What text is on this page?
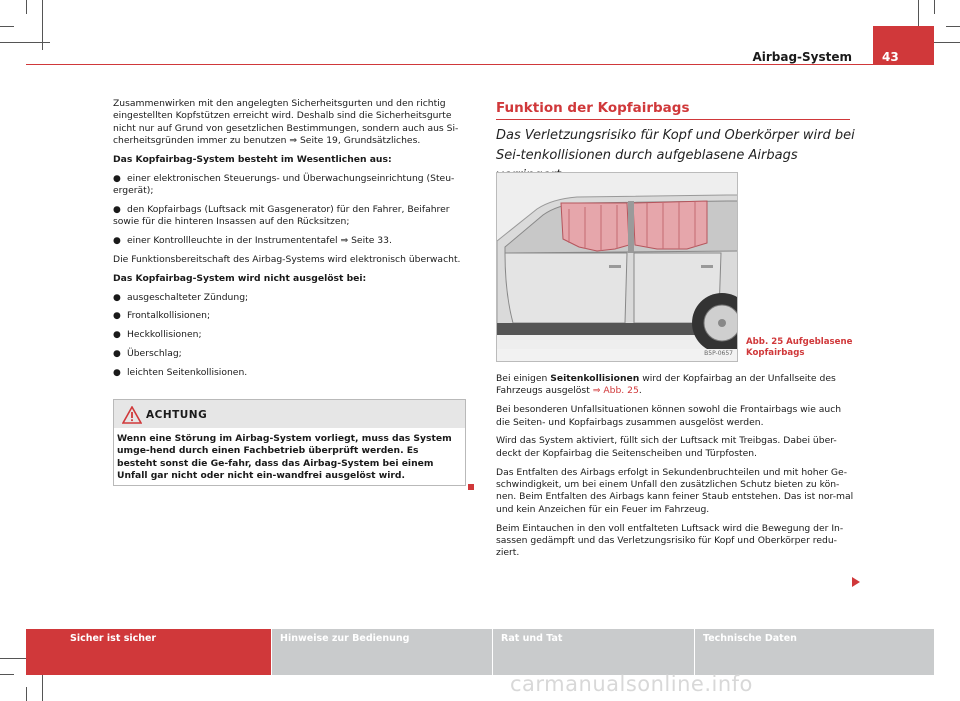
Airbag-System	43

Zusammenwirken mit den angelegten Sicherheitsgurten und den richtig eingestellten Kopfstützen erreicht wird. Deshalb sind die Sicherheitsgurte nicht nur auf Grund von gesetzlichen Bestimmungen, sondern auch aus Si-cherheitsgründen immer zu benutzen ⇒ Seite 19, Grundsätzliches.

Das Kopfairbag-System besteht im Wesentlichen aus:

● einer elektronischen Steuerungs- und Überwachungseinrichtung (Steu-ergerät);

● den Kopfairbags (Luftsack mit Gasgenerator) für den Fahrer, Beifahrer sowie für die hinteren Insassen auf den Rücksitzen;

● einer Kontrollleuchte in der Instrumententafel ⇒ Seite 33.

Die Funktionsbereitschaft des Airbag-Systems wird elektronisch überwacht.

Das Kopfairbag-System wird nicht ausgelöst bei:

● ausgeschalteter Zündung;

● Frontalkollisionen;

● Heckkollisionen;

● Überschlag;

● leichten Seitenkollisionen.

ACHTUNG
Wenn eine Störung im Airbag-System vorliegt, muss das System umge-hend durch einen Fachbetrieb überprüft werden. Es besteht sonst die Ge-fahr, dass das Airbag-System bei einem Unfall gar nicht oder nicht ein-wandfrei ausgelöst wird.
Funktion der Kopfairbags
Das Verletzungsrisiko für Kopf und Oberkörper wird bei Sei-tenkollisionen durch aufgeblasene Airbags
B5P-0657
Abb. 25 Aufgeblasene Kopfairbags

Bei einigen Seitenkollisionen wird der Kopfairbag an der Unfallseite des Fahrzeugs ausgelöst ⇒ Abb. 25.

Bei besonderen Unfallsituationen können sowohl die Frontairbags wie auch die Seiten- und Kopfairbags zusammen ausgelöst werden.

Wird das System aktiviert, füllt sich der Luftsack mit Treibgas. Dabei über-deckt der Kopfairbag die Seitenscheiben und Türpfosten.

Das Entfalten des Airbags erfolgt in Sekundenbruchteilen und mit hoher Ge-schwindigkeit, um bei einem Unfall den zusätzlichen Schutz bieten zu kön-nen. Beim Entfalten des Airbags kann feiner Staub entstehen. Das ist nor-mal und kein Anzeichen für ein Feuer im Fahrzeug.

Beim Eintauchen in den voll entfalteten Luftsack wird die Bewegung der In-sassen gedämpft und das Verletzungsrisiko für Kopf und Oberkörper redu-ziert.

Sicher ist sicher	Hinweise zur Bedienung	Rat und Tat	Technische Daten
carmanualsonline.info
